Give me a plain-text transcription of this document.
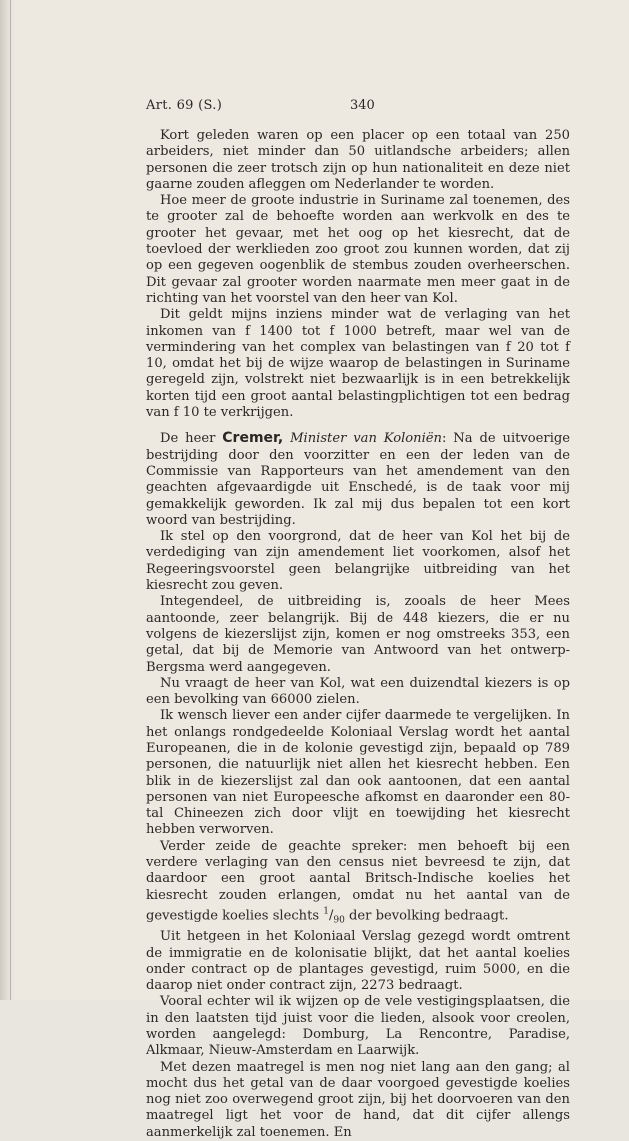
Art. 69 (S.)	340

Kort geleden waren op een placer op een totaal van 250 arbeiders, niet minder dan 50 uitlandsche arbeiders; allen personen die zeer trotsch zijn op hun nationaliteit en deze niet gaarne zouden afleggen om Nederlander te worden.

Hoe meer de groote industrie in Suriname zal toenemen, des te grooter zal de behoefte worden aan werkvolk en des te grooter het gevaar, met het oog op het kiesrecht, dat de toevloed der werklieden zoo groot zou kunnen worden, dat zij op een gegeven oogenblik de stembus zouden overheerschen. Dit gevaar zal grooter worden naarmate men meer gaat in de richting van het voorstel van den heer van Kol.

Dit geldt mijns inziens minder wat de verlaging van het inkomen van f 1400 tot f 1000 betreft, maar wel van de vermindering van het complex van belastingen van f 20 tot f 10, omdat het bij de wijze waarop de belastingen in Suriname geregeld zijn, volstrekt niet bezwaarlijk is in een betrekkelijk korten tijd een groot aantal belastingplichtigen tot een bedrag van f 10 te verkrijgen.

De heer Cremer, Minister van Koloniën: Na de uitvoerige bestrijding door den voorzitter en een der leden van de Commissie van Rapporteurs van het amendement van den geachten afgevaardigde uit Enschedé, is de taak voor mij gemakkelijk geworden. Ik zal mij dus bepalen tot een kort woord van bestrijding.

Ik stel op den voorgrond, dat de heer van Kol het bij de verdediging van zijn amendement liet voorkomen, alsof het Regeeringsvoorstel geen belangrijke uitbreiding van het kiesrecht zou geven.

Integendeel, de uitbreiding is, zooals de heer Mees aantoonde, zeer belangrijk. Bij de 448 kiezers, die er nu volgens de kiezerslijst zijn, komen er nog omstreeks 353, een getal, dat bij de Memorie van Antwoord van het ontwerp-Bergsma werd aangegeven.

Nu vraagt de heer van Kol, wat een duizendtal kiezers is op een bevolking van 66000 zielen.

Ik wensch liever een ander cijfer daarmede te vergelijken. In het onlangs rondgedeelde Koloniaal Verslag wordt het aantal Europeanen, die in de kolonie gevestigd zijn, bepaald op 789 personen, die natuurlijk niet allen het kiesrecht hebben. Een blik in de kiezerslijst zal dan ook aantoonen, dat een aantal personen van niet Europeesche afkomst en daaronder een 80-tal Chineezen zich door vlijt en toewijding het kiesrecht hebben verworven.

Verder zeide de geachte spreker: men behoeft bij een verdere verlaging van den census niet bevreesd te zijn, dat daardoor een groot aantal Britsch-Indische koelies het kiesrecht zouden erlangen, omdat nu het aantal van de gevestigde koelies slechts $^1/_{90}$ der bevolking bedraagt.

Uit hetgeen in het Koloniaal Verslag gezegd wordt omtrent de immigratie en de kolonisatie blijkt, dat het aantal koelies onder contract op de plantages gevestigd, ruim 5000, en die daarop niet onder contract zijn, 2273 bedraagt.

Vooral echter wil ik wijzen op de vele vestigingsplaatsen, die in den laatsten tijd juist voor die lieden, alsook voor creolen, worden aangelegd: Domburg, La Rencontre, Paradise, Alkmaar, Nieuw-Amsterdam en Laarwijk.

Met dezen maatregel is men nog niet lang aan den gang; al mocht dus het getal van de daar voorgoed gevestigde koelies nog niet zoo overwegend groot zijn, bij het doorvoeren van den maatregel ligt het voor de hand, dat dit cijfer allengs aanmerkelijk zal toenemen. En
